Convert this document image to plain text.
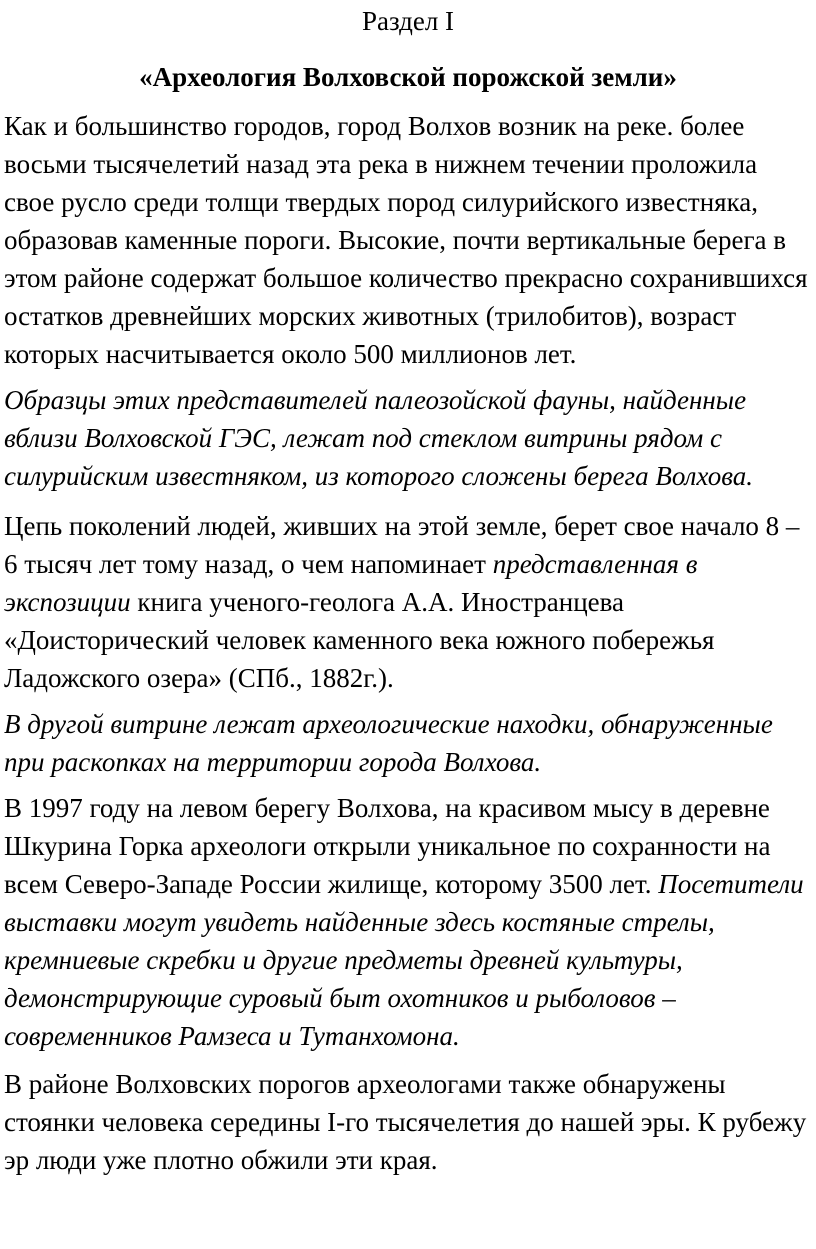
Раздел I
«Археология Волховской порожской земли»

Как и большинство городов, город Волхов возник на реке. более восьми тысячелетий назад эта река в нижнем течении проложила свое русло среди толщи твердых пород силурийского известняка, образовав каменные пороги. Высокие, почти вертикальные берега в этом районе содержат большое количество прекрасно сохранившихся остатков древнейших морских животных (трилобитов), возраст которых насчитывается около 500 миллионов лет.

Образцы этих представителей палеозойской фауны, найденные вблизи Волховской ГЭС, лежат под стеклом витрины рядом с силурийским известняком, из которого сложены берега Волхова.

Цепь поколений людей, живших на этой земле, берет свое начало 8 – 6 тысяч лет тому назад, о чем напоминает представленная в экспозиции книга ученого-геолога А.А. Иностранцева «Доисторический человек каменного века южного побережья Ладожского озера» (СПб., 1882г.).

В другой витрине лежат археологические находки, обнаруженные при раскопках на территории города Волхова.

В 1997 году на левом берегу Волхова, на красивом мысу в деревне Шкурина Горка археологи открыли уникальное по сохранности на всем Северо-Западе России жилище, которому 3500 лет. Посетители выставки могут увидеть найденные здесь костяные стрелы, кремниевые скребки и другие предметы древней культуры, демонстрирующие суровый быт охотников и рыболовов – современников Рамзеса и Тутанхомона.

В районе Волховских порогов археологами также обнаружены стоянки человека середины I-го тысячелетия до нашей эры. К рубежу эр люди уже плотно обжили эти края.
